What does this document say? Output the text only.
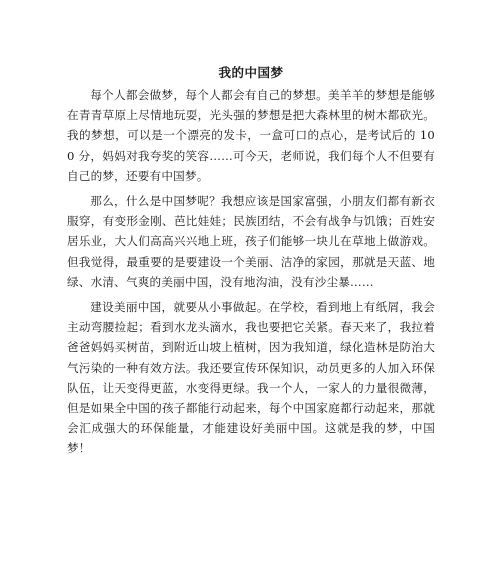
我的中国梦

每个人都会做梦，每个人都会有自己的梦想。美羊羊的梦想是能够在青青草原上尽情地玩耍，光头强的梦想是把大森林里的树木都砍光。我的梦想，可以是一个漂亮的发卡，一盒可口的点心，是考试后的 100 分，妈妈对我夸奖的笑容……可今天，老师说，我们每个人不但要有自己的梦，还要有中国梦。

那么，什么是中国梦呢？我想应该是国家富强，小朋友们都有新衣服穿，有变形金刚、芭比娃娃；民族团结，不会有战争与饥饿；百姓安居乐业，大人们高高兴兴地上班，孩子们能够一块儿在草地上做游戏。但我觉得，最重要的是要建设一个美丽、洁净的家园，那就是天蓝、地绿、水清、气爽的美丽中国，没有地沟油，没有沙尘暴……

建设美丽中国，就要从小事做起。在学校，看到地上有纸屑，我会主动弯腰捡起；看到水龙头滴水，我也要把它关紧。春天来了，我拉着爸爸妈妈买树苗，到附近山坡上植树，因为我知道，绿化造林是防治大气污染的一种有效方法。我还要宣传环保知识，动员更多的人加入环保队伍，让天变得更蓝，水变得更绿。我一个人，一家人的力量很微薄，但是如果全中国的孩子都能行动起来，每个中国家庭都行动起来，那就会汇成强大的环保能量，才能建设好美丽中国。这就是我的梦，中国梦！
